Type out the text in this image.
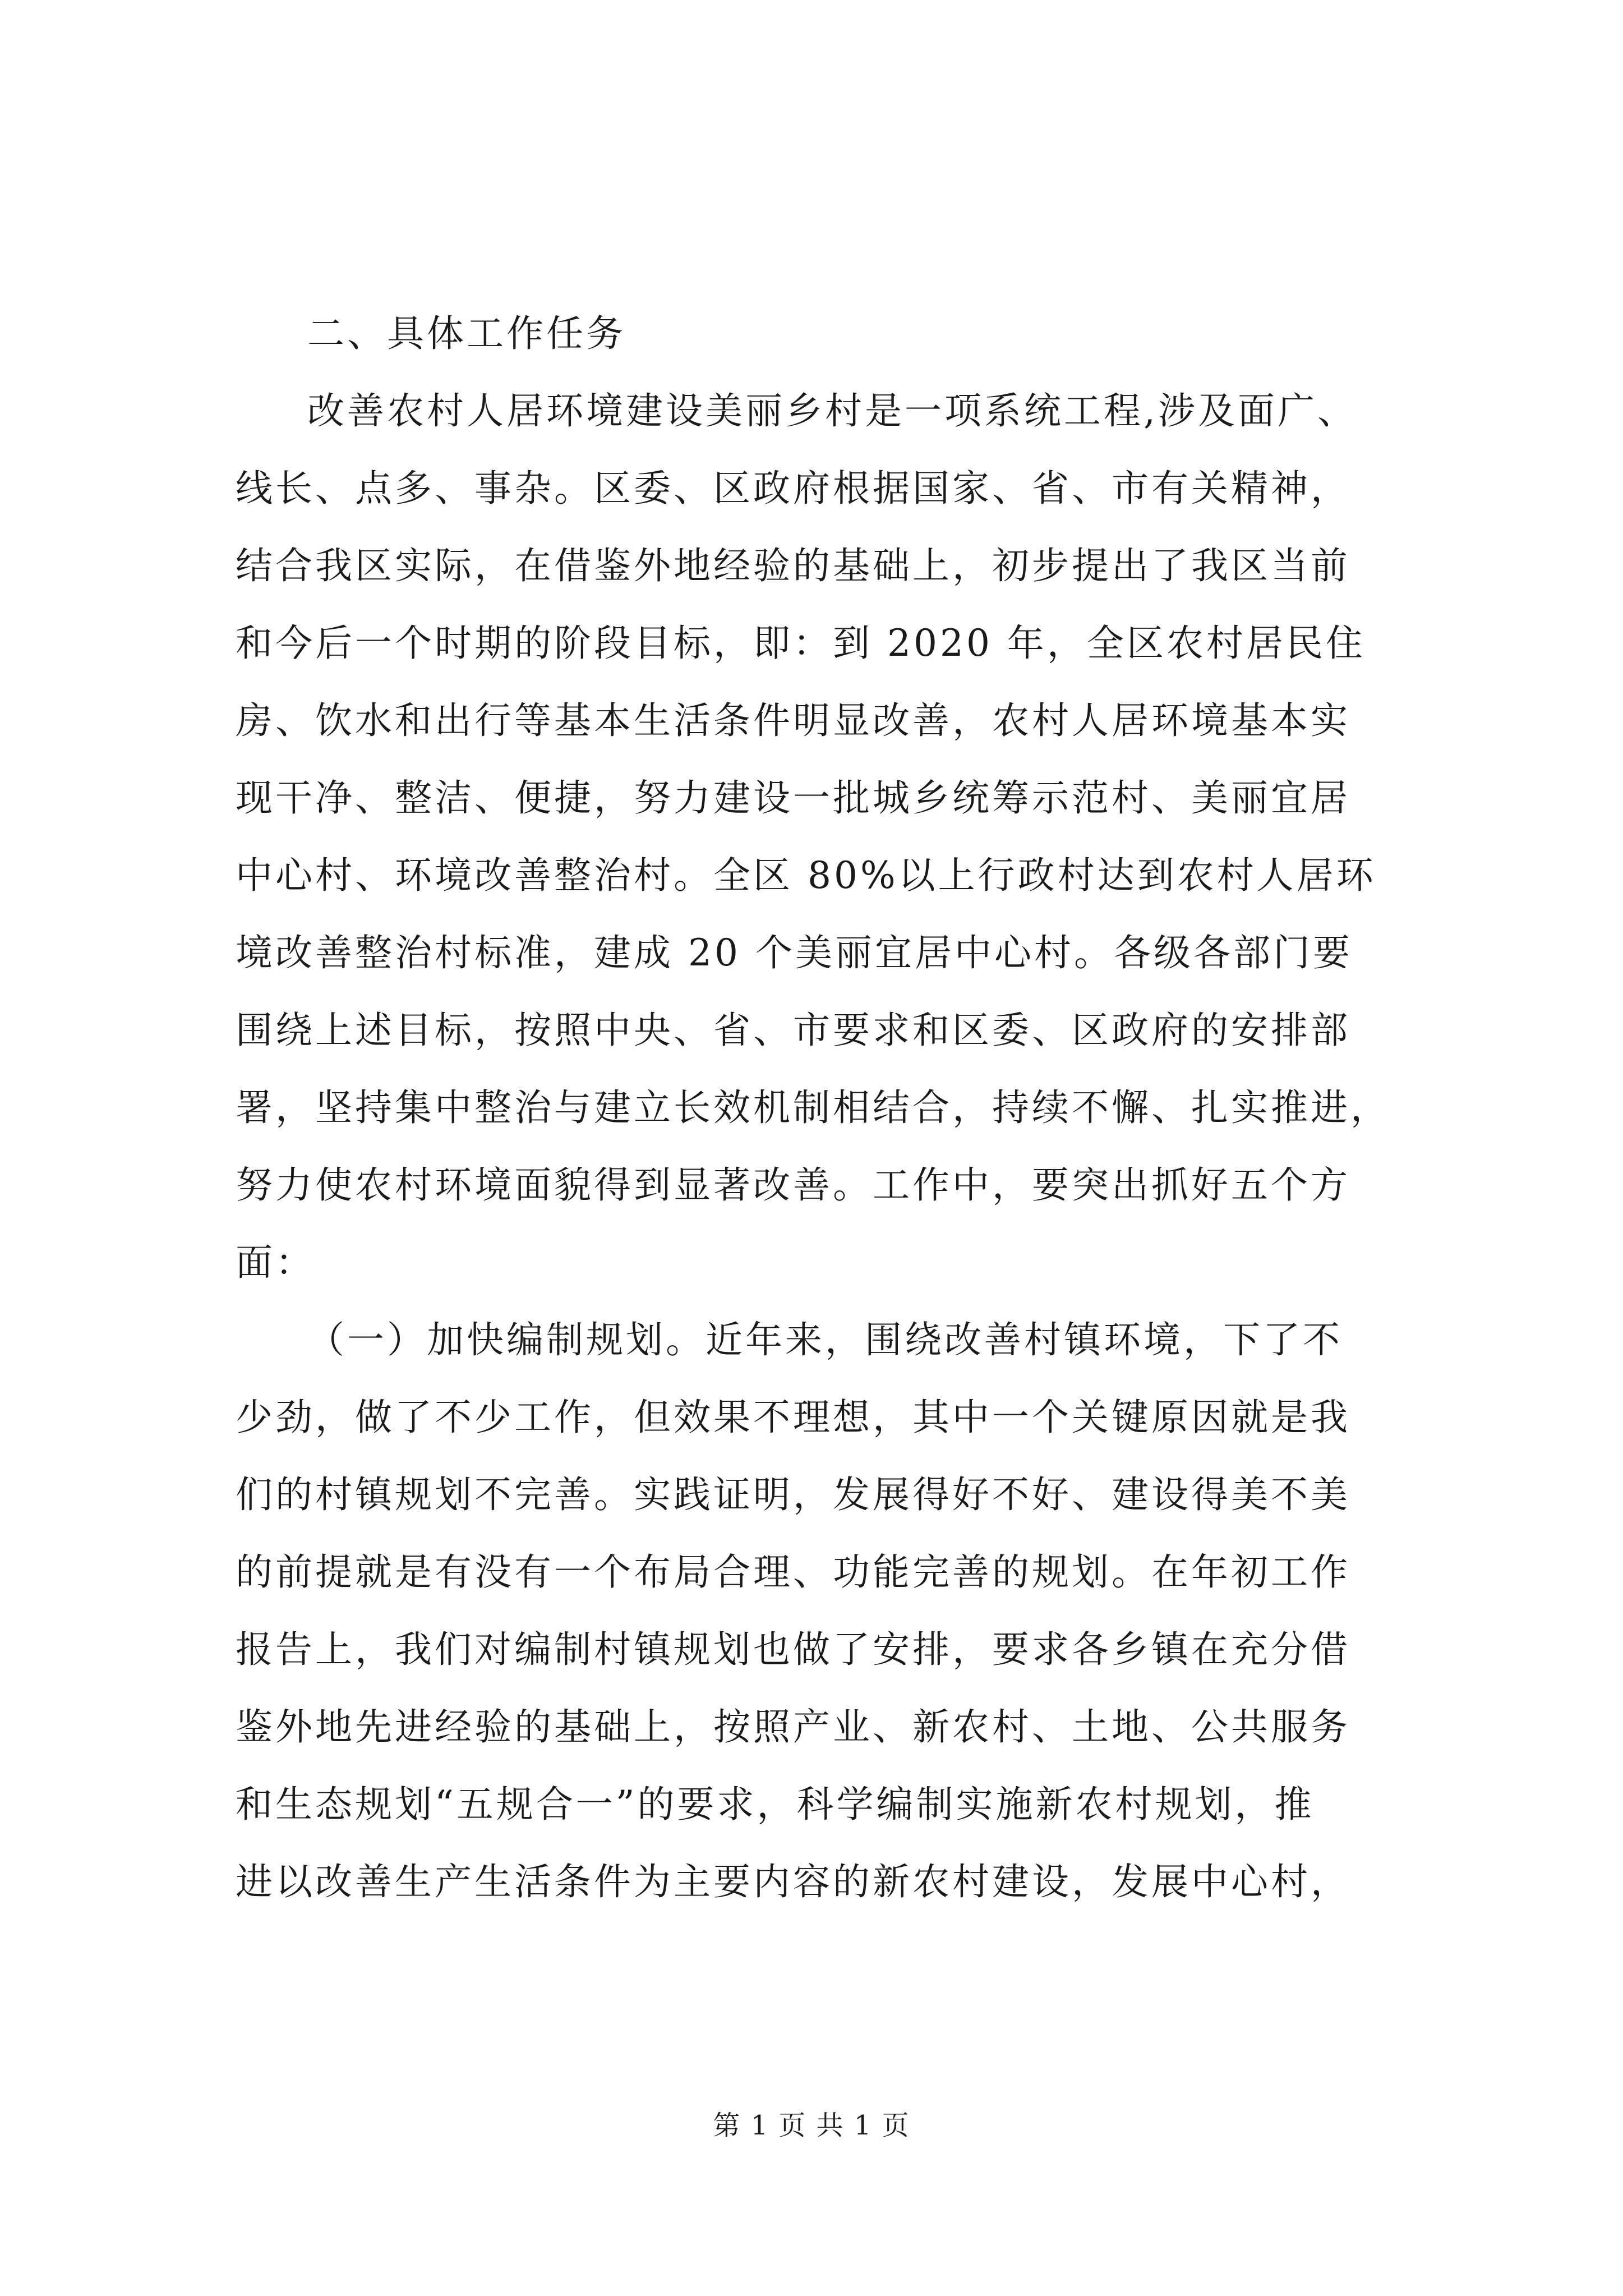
二、具体工作任务
改善农村人居环境建设美丽乡村是一项系统工程,涉及面广、
线长、点多、事杂。区委、区政府根据国家、省、市有关精神，
结合我区实际，在借鉴外地经验的基础上，初步提出了我区当前
和今后一个时期的阶段目标，即：到 2020 年，全区农村居民住
房、饮水和出行等基本生活条件明显改善，农村人居环境基本实
现干净、整洁、便捷，努力建设一批城乡统筹示范村、美丽宜居
中心村、环境改善整治村。全区 80%以上行政村达到农村人居环
境改善整治村标准，建成 20 个美丽宜居中心村。各级各部门要
围绕上述目标，按照中央、省、市要求和区委、区政府的安排部
署，坚持集中整治与建立长效机制相结合，持续不懈、扎实推进，
努力使农村环境面貌得到显著改善。工作中，要突出抓好五个方
面：
（一）加快编制规划。近年来，围绕改善村镇环境，下了不
少劲，做了不少工作，但效果不理想，其中一个关键原因就是我
们的村镇规划不完善。实践证明，发展得好不好、建设得美不美
的前提就是有没有一个布局合理、功能完善的规划。在年初工作
报告上，我们对编制村镇规划也做了安排，要求各乡镇在充分借
鉴外地先进经验的基础上，按照产业、新农村、土地、公共服务
和生态规划“五规合一”的要求，科学编制实施新农村规划，推
进以改善生产生活条件为主要内容的新农村建设，发展中心村，
第 1 页 共 1 页
